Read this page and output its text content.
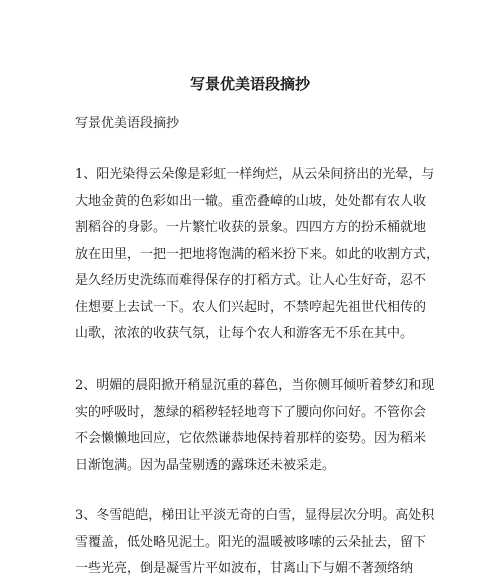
写景优美语段摘抄

写景优美语段摘抄

1、阳光染得云朵像是彩虹一样绚烂，从云朵间挤出的光晕，与
大地金黄的色彩如出一辙。重峦叠嶂的山坡，处处都有农人收
割稻谷的身影。一片繁忙收获的景象。四四方方的扮禾桶就地
放在田里，一把一把地将饱满的稻米扮下来。如此的收割方式，
是久经历史洗练而难得保存的打稻方式。让人心生好奇，忍不
住想要上去试一下。农人们兴起时，不禁哼起先祖世代相传的
山歌，浓浓的收获气氛，让每个农人和游客无不乐在其中。
2、明媚的晨阳掀开稍显沉重的暮色，当你侧耳倾听着梦幻和现
实的呼吸时，葱绿的稻秽轻轻地弯下了腰向你问好。不管你会
不会懒懒地回应，它依然谦恭地保持着那样的姿势。因为稻米
日渐饱满。因为晶莹剔透的露珠还未被采走。
3、冬雪皑皑，梯田让平淡无奇的白雪，显得层次分明。高处积
雪覆盖，低处略见泥土。阳光的温暖被哆嗦的云朵扯去，留下
一些光亮，倒是凝雪片平如波布，甘离山下与媚不著颈络纳
